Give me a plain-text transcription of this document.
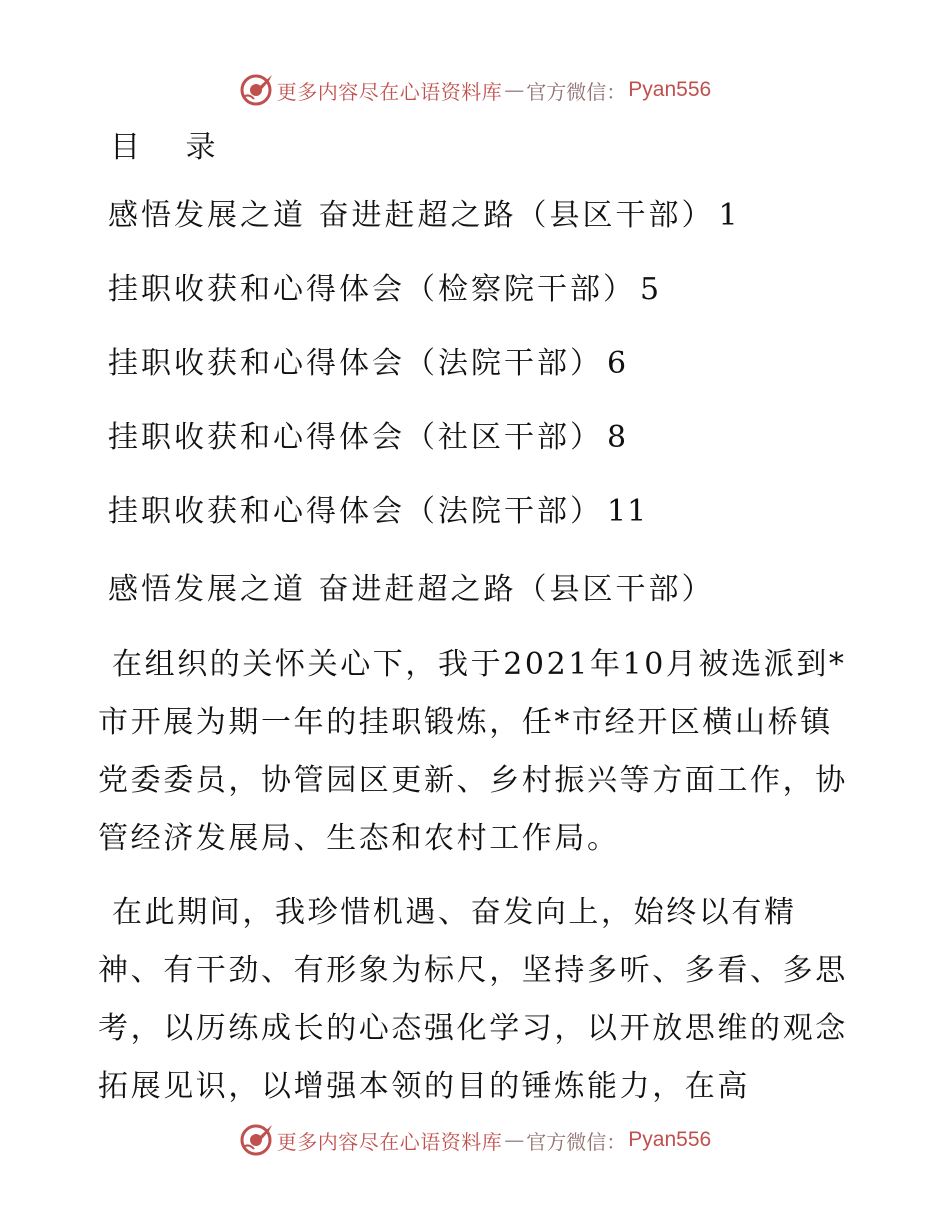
更多内容尽在心语资料库 — 官方微信： Pyan556
目 录
感悟发展之道 奋进赶超之路（县区干部） 1
挂职收获和心得体会（检察院干部） 5
挂职收获和心得体会（法院干部） 6
挂职收获和心得体会（社区干部） 8
挂职收获和心得体会（法院干部） 11
感悟发展之道 奋进赶超之路（县区干部）

在组织的关怀关心下，我于2021年10月被选派到*市开展为期一年的挂职锻炼，任*市经开区横山桥镇党委委员，协管园区更新、乡村振兴等方面工作，协管经济发展局、生态和农村工作局。

在此期间，我珍惜机遇、奋发向上，始终以有精神、有干劲、有形象为标尺，坚持多听、多看、多思考，以历练成长的心态强化学习，以开放思维的观念拓展见识，以增强本领的目的锤炼能力，在高

更多内容尽在心语资料库 — 官方微信： Pyan556
